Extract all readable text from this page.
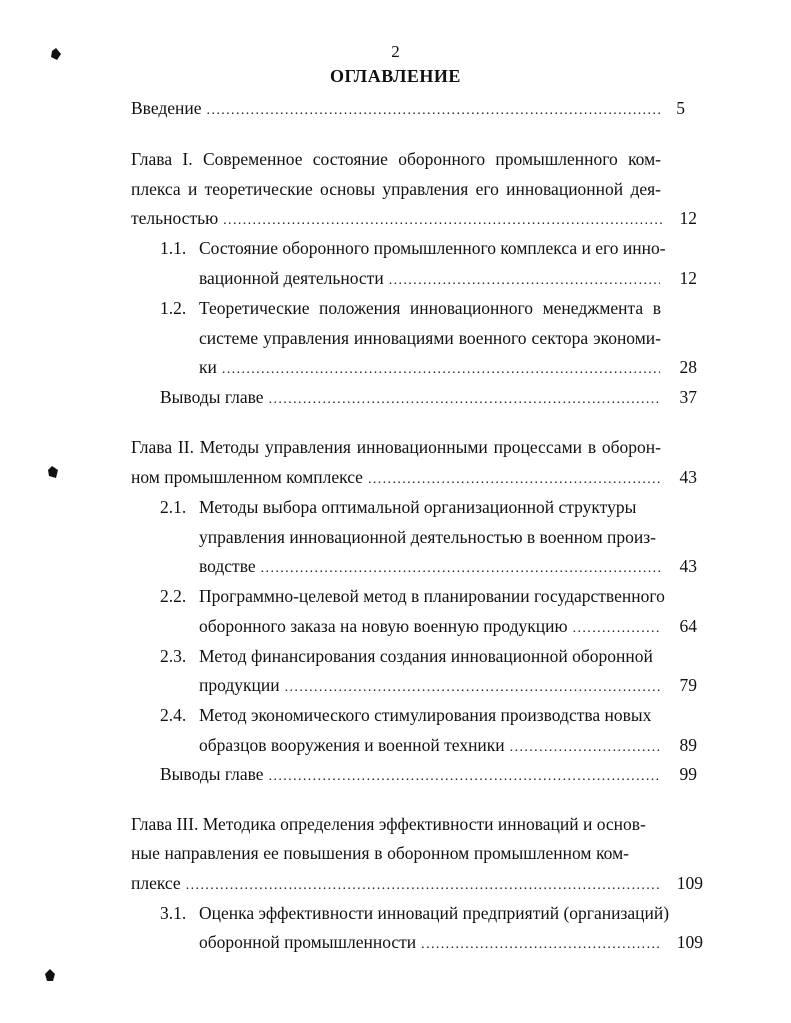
2
ОГЛАВЛЕНИЕ
Введение .....	5
Глава I. Современное состояние оборонного промышленного ком-
плекса и теоретические основы управления его инновационной дея-
тельностью .....	12
1.1. Состояние оборонного промышленного комплекса и его инно-
вационной деятельности .....	12
1.2. Теоретические положения инновационного менеджмента в
системе управления инновациями военного сектора экономи-
ки .....	28
Выводы главе .....	37
Глава II. Методы управления инновационными процессами в оборон-
ном промышленном комплексе .....	43
2.1. Методы выбора оптимальной организационной структуры
управления инновационной деятельностью в военном произ-
водстве .....	43
2.2. Программно-целевой метод в планировании государственного
оборонного заказа на новую военную продукцию .....	64
2.3. Метод финансирования создания инновационной оборонной
продукции .....	79
2.4. Метод экономического стимулирования производства новых
образцов вооружения и военной техники .....	89
Выводы главе .....	99
Глава III. Методика определения эффективности инноваций и основ-
ные направления ее повышения в оборонном промышленном ком-
плексе .....	109
3.1. Оценка эффективности инноваций предприятий (организаций)
оборонной промышленности .....	109
